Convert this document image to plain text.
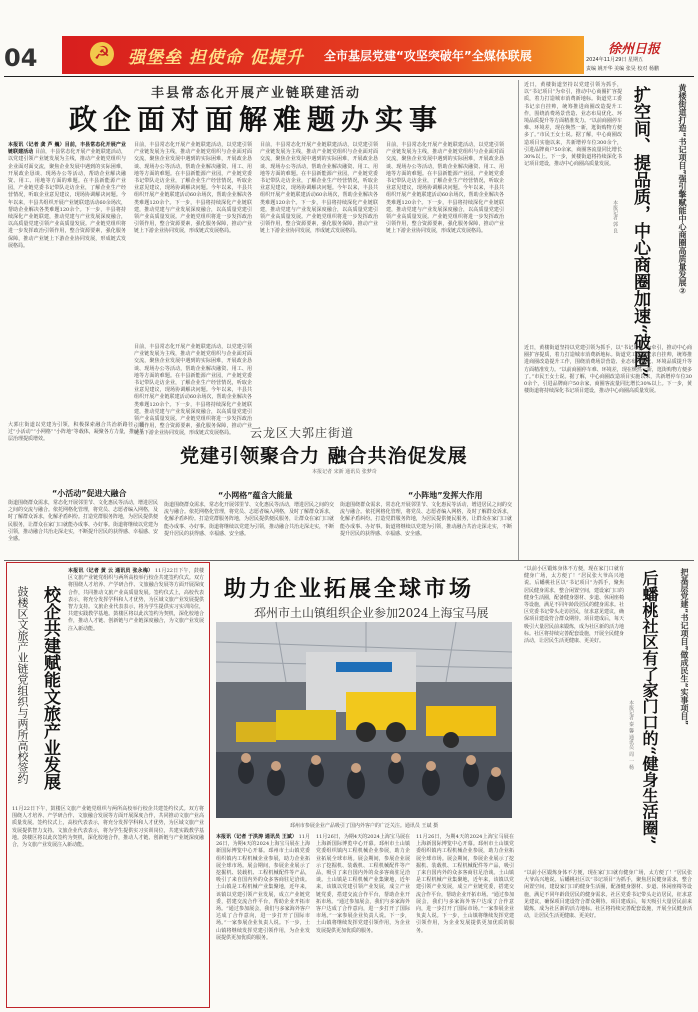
04	☭ 强堡垒 担使命 促提升 全市基层党建“攻坚突破年”全媒体联展	徐州日报
2024年11月29日 星期五
责编 姚开华 美编 张昊 校对 杨鹏
丰县常态化开展产业链联建活动
政企面对面解难题办实事
本报讯（记者 龚 芦 巍）目前，丰县常态化开展产业链联建活动 目前，丰县常态化开展产业链联建活动，以党建引领产业链发展为主线，推动产业链党组织与企业面对面交流，聚焦企业发展中遇到的实际困难，开展政企恳谈、现场办公等活动，帮助企业解决融资、用工、用地等方面的难题。在丰县新能源产业园，产业链党委书记带队走访企业，了解企业生产经营情况，听取企业意见建议，现场协调解决问题。今年以来，丰县共组织开展产业链联建活动60余场次，帮助企业解决各类难题120余个。下一步，丰县将持续深化产业链联建，推动党建与产业发展深度融合，以高质量党建引领产业高质量发展。产业链党组织将进一步发挥政治引领作用，整合资源要素，强化服务保障，推动产业链上下游企业协同发展，形成链式发展格局。
目前，丰县常态化开展产业链联建活动，以党建引领产业链发展为主线，推动产业链党组织与企业面对面交流，聚焦企业发展中遇到的实际困难，开展政企恳谈、现场办公等活动，帮助企业解决融资、用工、用地等方面的难题。在丰县新能源产业园，产业链党委书记带队走访企业，了解企业生产经营情况，听取企业意见建议，现场协调解决问题。今年以来，丰县共组织开展产业链联建活动60余场次，帮助企业解决各类难题120余个。下一步，丰县将持续深化产业链联建，推动党建与产业发展深度融合，以高质量党建引领产业高质量发展。产业链党组织将进一步发挥政治引领作用，整合资源要素，强化服务保障，推动产业链上下游企业协同发展，形成链式发展格局。
目前，丰县常态化开展产业链联建活动，以党建引领产业链发展为主线，推动产业链党组织与企业面对面交流，聚焦企业发展中遇到的实际困难，开展政企恳谈、现场办公等活动，帮助企业解决融资、用工、用地等方面的难题。在丰县新能源产业园，产业链党委书记带队走访企业，了解企业生产经营情况，听取企业意见建议，现场协调解决问题。今年以来，丰县共组织开展产业链联建活动60余场次，帮助企业解决各类难题120余个。下一步，丰县将持续深化产业链联建，推动党建与产业发展深度融合，以高质量党建引领产业高质量发展。产业链党组织将进一步发挥政治引领作用，整合资源要素，强化服务保障，推动产业链上下游企业协同发展，形成链式发展格局。
目前，丰县常态化开展产业链联建活动，以党建引领产业链发展为主线，推动产业链党组织与企业面对面交流，聚焦企业发展中遇到的实际困难，开展政企恳谈、现场办公等活动，帮助企业解决融资、用工、用地等方面的难题。在丰县新能源产业园，产业链党委书记带队走访企业，了解企业生产经营情况，听取企业意见建议，现场协调解决问题。今年以来，丰县共组织开展产业链联建活动60余场次，帮助企业解决各类难题120余个。下一步，丰县将持续深化产业链联建，推动党建与产业发展深度融合，以高质量党建引领产业高质量发展。产业链党组织将进一步发挥政治引领作用，整合资源要素，强化服务保障，推动产业链上下游企业协同发展，形成链式发展格局。
目前，丰县常态化开展产业链联建活动，以党建引领产业链发展为主线，推动产业链党组织与企业面对面交流，聚焦企业发展中遇到的实际困难，开展政企恳谈、现场办公等活动，帮助企业解决融资、用工、用地等方面的难题。在丰县新能源产业园，产业链党委书记带队走访企业，了解企业生产经营情况，听取企业意见建议，现场协调解决问题。今年以来，丰县共组织开展产业链联建活动60余场次，帮助企业解决各类难题120余个。下一步，丰县将持续深化产业链联建，推动党建与产业发展深度融合，以高质量党建引领产业高质量发展。产业链党组织将进一步发挥政治引领作用，整合资源要素，强化服务保障，推动产业链上下游企业协同发展，形成链式发展格局。
近日，黄楼街道坚持以党建引领为抓手，以“书记项目”为牵引，推动中心商圈扩容提质，着力打造城市消费新地标。街道党工委书记亲自挂帅，统筹推进商圈改造提升工作，围绕消费场景营造、业态布局优化、环境品质提升等方面精准发力。“以前商圈停车难、环境差，现在焕然一新，逛街购物方便多了。”市民王女士说。据了解，中心商圈改造项目实施以来，共新增停车位300余个，引进品牌商户50余家，商圈客流量同比增长30%以上。下一步，黄楼街道将持续深化书记项目建设，推动中心商圈高质量发展。	黄楼街道打造“书记项目”强引擎赋能中心商圈高质量发展②
扩空间、提品质，中心商圈加速“破圈”
本报记者 郭 良
近日，黄楼街道坚持以党建引领为抓手，以“书记项目”为牵引，推动中心商圈扩容提质，着力打造城市消费新地标。街道党工委书记亲自挂帅，统筹推进商圈改造提升工作，围绕消费场景营造、业态布局优化、环境品质提升等方面精准发力。“以前商圈停车难、环境差，现在焕然一新，逛街购物方便多了。”市民王女士说。据了解，中心商圈改造项目实施以来，共新增停车位300余个，引进品牌商户50余家，商圈客流量同比增长30%以上。下一步，黄楼街道将持续深化书记项目建设，推动中心商圈高质量发展。
大郭庄街道以党建为引领，积极探索融合共治新路径，通过“小活动”“小网格”“小阵地”等载体，凝聚各方力量，推动基层治理提质增效。	云龙区大郭庄街道
党建引领聚合力 融合共治促发展
本报记者 宋新 通讯员 张梦奇
“小活动”促进大融合
街道围绕群众需求，常态化开展邻里节、文化惠民等活动，增进居民之间的交流与融合。依托网格化管理，将党员、志愿者编入网格，及时了解群众诉求，化解矛盾纠纷。打造党群服务阵地，为居民提供便民服务，让群众在家门口就能办成事、办好事。街道将继续以党建为引领，推动融合共治走深走实，不断提升居民的获得感、幸福感、安全感。
“小网格”蕴含大能量
街道围绕群众需求，常态化开展邻里节、文化惠民等活动，增进居民之间的交流与融合。依托网格化管理，将党员、志愿者编入网格，及时了解群众诉求，化解矛盾纠纷。打造党群服务阵地，为居民提供便民服务，让群众在家门口就能办成事、办好事。街道将继续以党建为引领，推动融合共治走深走实，不断提升居民的获得感、幸福感、安全感。
“小阵地”发挥大作用
街道围绕群众需求，常态化开展邻里节、文化惠民等活动，增进居民之间的交流与融合。依托网格化管理，将党员、志愿者编入网格，及时了解群众诉求，化解矛盾纠纷。打造党群服务阵地，为居民提供便民服务，让群众在家门口就能办成事、办好事。街道将继续以党建为引领，推动融合共治走深走实，不断提升居民的获得感、幸福感、安全感。
“以前小区锻炼身体不方便，现在家门口就有健身广场，太方便了！”居民张大爷高兴地说。后蟠桃社区以“书记项目”为抓手，聚焦居民健身需求，整合闲置空间，建设家门口的健身生活圈，配备健身器材、步道、休闲座椅等设施，满足不同年龄段居民的健身需求。社区党委书记带头走访居民，征求意见建议，确保项目建设符合群众期待。项目建成后，每天吸引大量居民前来锻炼，成为社区新的活力地标。社区将持续完善配套设施，开展全民健身活动，让居民生活更健康、更美好。	把基层党建“书记项目”做成民生“实事项目”
后蟠桃社区有了家门口的“健身生活圈”
本报记者 秦 馨 通讯员 周 一 杨
“以前小区锻炼身体不方便，现在家门口就有健身广场，太方便了！”居民张大爷高兴地说。后蟠桃社区以“书记项目”为抓手，聚焦居民健身需求，整合闲置空间，建设家门口的健身生活圈，配备健身器材、步道、休闲座椅等设施，满足不同年龄段居民的健身需求。社区党委书记带头走访居民，征求意见建议，确保项目建设符合群众期待。项目建成后，每天吸引大量居民前来锻炼，成为社区新的活力地标。社区将持续完善配套设施，开展全民健身活动，让居民生活更健康、更美好。
校企共建赋能文旅产业发展
鼓楼区文旅产业链党组织与两所高校签约
本报讯（记者 黄 云 通讯员 张永梅） 11月22日下午，鼓楼区文旅产业链党组织与两所高校举行校企共建签约仪式。双方将围绕人才培养、产学研合作、文旅融合发展等方面开展深度合作，共同推动文旅产业高质量发展。签约仪式上，高校代表表示，将充分发挥学科和人才优势，为区域文旅产业发展提供智力支持。文旅企业代表表示，将为学生提供实习实训岗位，共建实践教学基地。鼓楼区将以此次签约为契机，深化校地合作，推动人才链、创新链与产业链深度融合，为文旅产业发展注入新动能。
11月22日下午，鼓楼区文旅产业链党组织与两所高校举行校企共建签约仪式。双方将围绕人才培养、产学研合作、文旅融合发展等方面开展深度合作，共同推动文旅产业高质量发展。签约仪式上，高校代表表示，将充分发挥学科和人才优势，为区域文旅产业发展提供智力支持。文旅企业代表表示，将为学生提供实习实训岗位，共建实践教学基地。鼓楼区将以此次签约为契机，深化校地合作，推动人才链、创新链与产业链深度融合，为文旅产业发展注入新动能。
助力企业拓展全球市场
邳州市土山镇组织企业参加2024上海宝马展
邳州市参展企业产品吸引了国内外客户的广泛关注。通讯员 王斌 摄
本报讯（记者 于洪涛 通讯员 王斌） 11月26日，为期4天的2024上海宝马展在上海新国际博览中心开幕。邳州市土山镇党委组织镇内工程机械企业参展，助力企业拓展全球市场。展会期间，参展企业展示了挖掘机、装载机、工程机械配件等产品，吸引了来自国内外的众多客商驻足洽谈。土山镇是工程机械产业集聚地，近年来，该镇以党建引领产业发展，成立产业链党委，搭建交流合作平台，帮助企业开拓市场。“通过参加展会，我们与多家海外客户达成了合作意向，进一步打开了国际市场。”一家参展企业负责人说。下一步，土山镇将继续发挥党建引领作用，为企业发展提供更加优质的服务。
11月26日，为期4天的2024上海宝马展在上海新国际博览中心开幕。邳州市土山镇党委组织镇内工程机械企业参展，助力企业拓展全球市场。展会期间，参展企业展示了挖掘机、装载机、工程机械配件等产品，吸引了来自国内外的众多客商驻足洽谈。土山镇是工程机械产业集聚地，近年来，该镇以党建引领产业发展，成立产业链党委，搭建交流合作平台，帮助企业开拓市场。“通过参加展会，我们与多家海外客户达成了合作意向，进一步打开了国际市场。”一家参展企业负责人说。下一步，土山镇将继续发挥党建引领作用，为企业发展提供更加优质的服务。
11月26日，为期4天的2024上海宝马展在上海新国际博览中心开幕。邳州市土山镇党委组织镇内工程机械企业参展，助力企业拓展全球市场。展会期间，参展企业展示了挖掘机、装载机、工程机械配件等产品，吸引了来自国内外的众多客商驻足洽谈。土山镇是工程机械产业集聚地，近年来，该镇以党建引领产业发展，成立产业链党委，搭建交流合作平台，帮助企业开拓市场。“通过参加展会，我们与多家海外客户达成了合作意向，进一步打开了国际市场。”一家参展企业负责人说。下一步，土山镇将继续发挥党建引领作用，为企业发展提供更加优质的服务。
